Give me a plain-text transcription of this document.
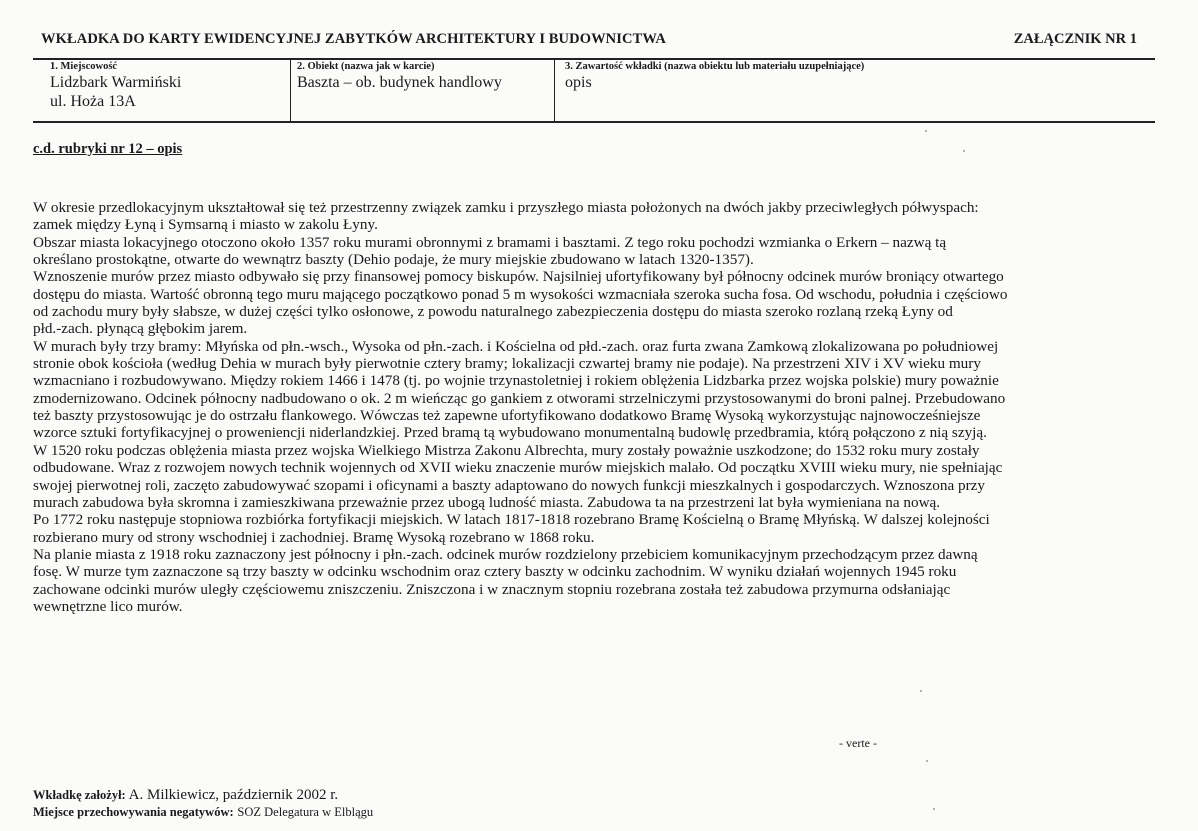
WKŁADKA DO KARTY EWIDENCYJNEJ ZABYTKÓW ARCHITEKTURY I BUDOWNICTWA	ZAŁĄCZNIK NR 1
1. Miejscowość
Lidzbark Warmiński
ul. Hoża 13A
2. Obiekt (nazwa jak w karcie)
Baszta – ob. budynek handlowy
3. Zawartość wkładki (nazwa obiektu lub materiału uzupełniające)
opis
c.d. rubryki nr 12 – opis
W okresie przedlokacyjnym ukształtował się też przestrzenny związek zamku i przyszłego miasta położonych na dwóch jakby przeciwległych półwyspach:
zamek między Łyną i Symsarną i miasto w zakolu Łyny.
Obszar miasta lokacyjnego otoczono około 1357 roku murami obronnymi z bramami i basztami. Z tego roku pochodzi wzmianka o Erkern – nazwą tą
określano prostokątne, otwarte do wewnątrz baszty (Dehio podaje, że mury miejskie zbudowano w latach 1320-1357).
Wznoszenie murów przez miasto odbywało się przy finansowej pomocy biskupów. Najsilniej ufortyfikowany był północny odcinek murów broniący otwartego
dostępu do miasta. Wartość obronną tego muru mającego początkowo ponad 5 m wysokości wzmacniała szeroka sucha fosa. Od wschodu, południa i częściowo
od zachodu mury były słabsze, w dużej części tylko osłonowe, z powodu naturalnego zabezpieczenia dostępu do miasta szeroko rozlaną rzeką Łyny od
płd.-zach. płynącą głębokim jarem.
W murach były trzy bramy: Młyńska od płn.-wsch., Wysoka od płn.-zach. i Kościelna od płd.-zach. oraz furta zwana Zamkową zlokalizowana po południowej
stronie obok kościoła (według Dehia w murach były pierwotnie cztery bramy; lokalizacji czwartej bramy nie podaje). Na przestrzeni XIV i XV wieku mury
wzmacniano i rozbudowywano. Między rokiem 1466 i 1478 (tj. po wojnie trzynastoletniej i rokiem oblężenia Lidzbarka przez wojska polskie) mury poważnie
zmodernizowano. Odcinek północny nadbudowano o ok. 2 m wieńcząc go gankiem z otworami strzelniczymi przystosowanymi do broni palnej. Przebudowano
też baszty przystosowując je do ostrzału flankowego. Wówczas też zapewne ufortyfikowano dodatkowo Bramę Wysoką wykorzystując najnowocześniejsze
wzorce sztuki fortyfikacyjnej o proweniencji niderlandzkiej. Przed bramą tą wybudowano monumentalną budowlę przedbramia, którą połączono z nią szyją.
W 1520 roku podczas oblężenia miasta przez wojska Wielkiego Mistrza Zakonu Albrechta, mury zostały poważnie uszkodzone; do 1532 roku mury zostały
odbudowane. Wraz z rozwojem nowych technik wojennych od XVII wieku znaczenie murów miejskich malało. Od początku XVIII wieku mury, nie spełniając
swojej pierwotnej roli, zaczęto zabudowywać szopami i oficynami a baszty adaptowano do nowych funkcji mieszkalnych i gospodarczych. Wznoszona przy
murach zabudowa była skromna i zamieszkiwana przeważnie przez ubogą ludność miasta. Zabudowa ta na przestrzeni lat była wymieniana na nową.
Po 1772 roku następuje stopniowa rozbiórka fortyfikacji miejskich. W latach 1817-1818 rozebrano Bramę Kościelną o Bramę Młyńską. W dalszej kolejności
rozbierano mury od strony wschodniej i zachodniej. Bramę Wysoką rozebrano w 1868 roku.
Na planie miasta z 1918 roku zaznaczony jest północny i płn.-zach. odcinek murów rozdzielony przebiciem komunikacyjnym przechodzącym przez dawną
fosę. W murze tym zaznaczone są trzy baszty w odcinku wschodnim oraz cztery baszty w odcinku zachodnim. W wyniku działań wojennych 1945 roku
zachowane odcinki murów uległy częściowemu zniszczeniu. Zniszczona i w znacznym stopniu rozebrana została też zabudowa przymurna odsłaniając
wewnętrzne lico murów.
- verte -
Wkładkę założył: A. Milkiewicz, październik 2002 r.
Miejsce przechowywania negatywów: SOZ Delegatura w Elblągu
